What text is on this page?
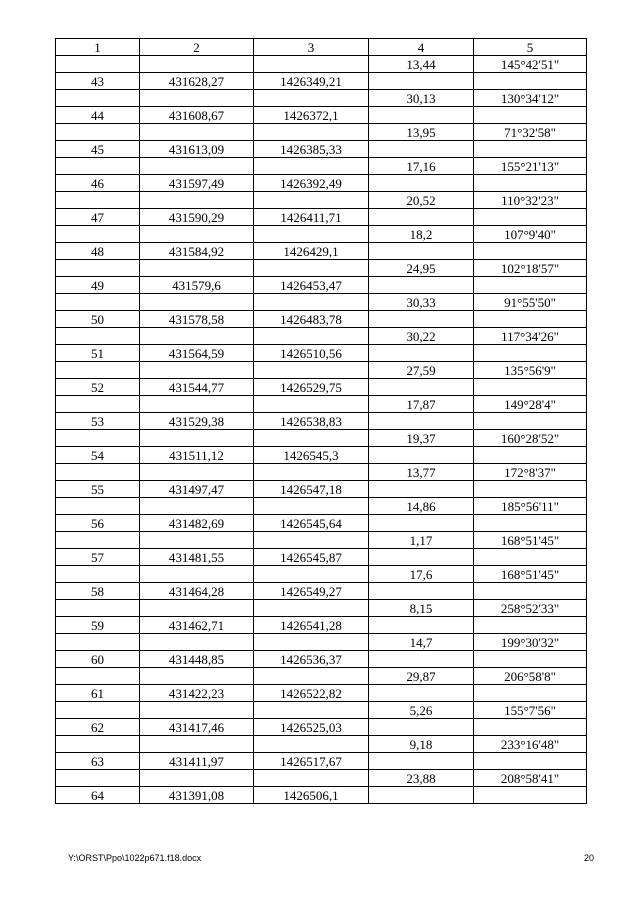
1	2	3	4	5
			13,44	145°42'51"
43	431628,27	1426349,21		
			30,13	130°34'12"
44	431608,67	1426372,1		
			13,95	71°32'58"
45	431613,09	1426385,33		
			17,16	155°21'13"
46	431597,49	1426392,49		
			20,52	110°32'23"
47	431590,29	1426411,71		
			18,2	107°9'40"
48	431584,92	1426429,1		
			24,95	102°18'57"
49	431579,6	1426453,47		
			30,33	91°55'50"
50	431578,58	1426483,78		
			30,22	117°34'26"
51	431564,59	1426510,56		
			27,59	135°56'9"
52	431544,77	1426529,75		
			17,87	149°28'4"
53	431529,38	1426538,83		
			19,37	160°28'52"
54	431511,12	1426545,3		
			13,77	172°8'37"
55	431497,47	1426547,18		
			14,86	185°56'11"
56	431482,69	1426545,64		
			1,17	168°51'45"
57	431481,55	1426545,87		
			17,6	168°51'45"
58	431464,28	1426549,27		
			8,15	258°52'33"
59	431462,71	1426541,28		
			14,7	199°30'32"
60	431448,85	1426536,37		
			29,87	206°58'8"
61	431422,23	1426522,82		
			5,26	155°7'56"
62	431417,46	1426525,03		
			9,18	233°16'48"
63	431411,97	1426517,67		
			23,88	208°58'41"
64	431391,08	1426506,1		
Y:\ORST\Ppo\1022p671.f18.docx	20
